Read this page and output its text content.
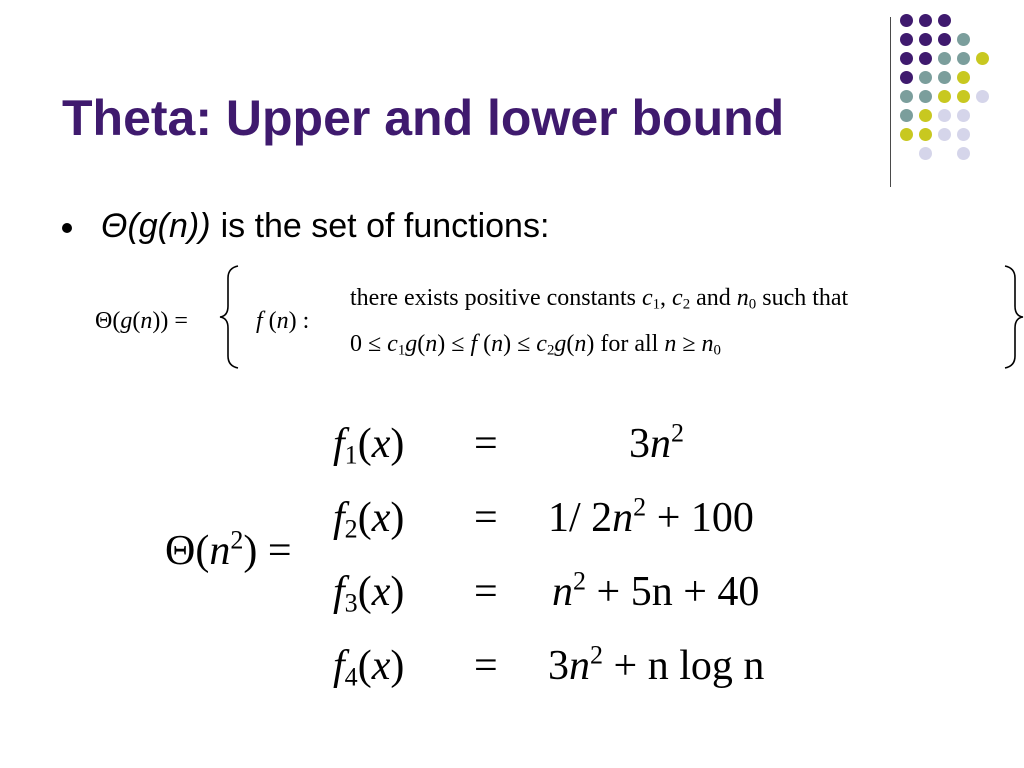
Theta: Upper and lower bound
Θ(g(n)) is the set of functions:
Θ(g(n)) =	f (n) :
there exists positive constants $c_1$, $c_2$ and $n_0$ such that
$0 \le c_1g(n) \le f$ $(n) \le c_2g(n)$ for all $n \ge n_0$
$\Theta(n^2)$ =
$f_1(x)$ =	$3n^2$
$f_2(x) = 1/$ $2n^2 + 100$
$f_3(x) = n^2 + 5n + 40$
$f_4(x) = 3n^2 + n$ log n
